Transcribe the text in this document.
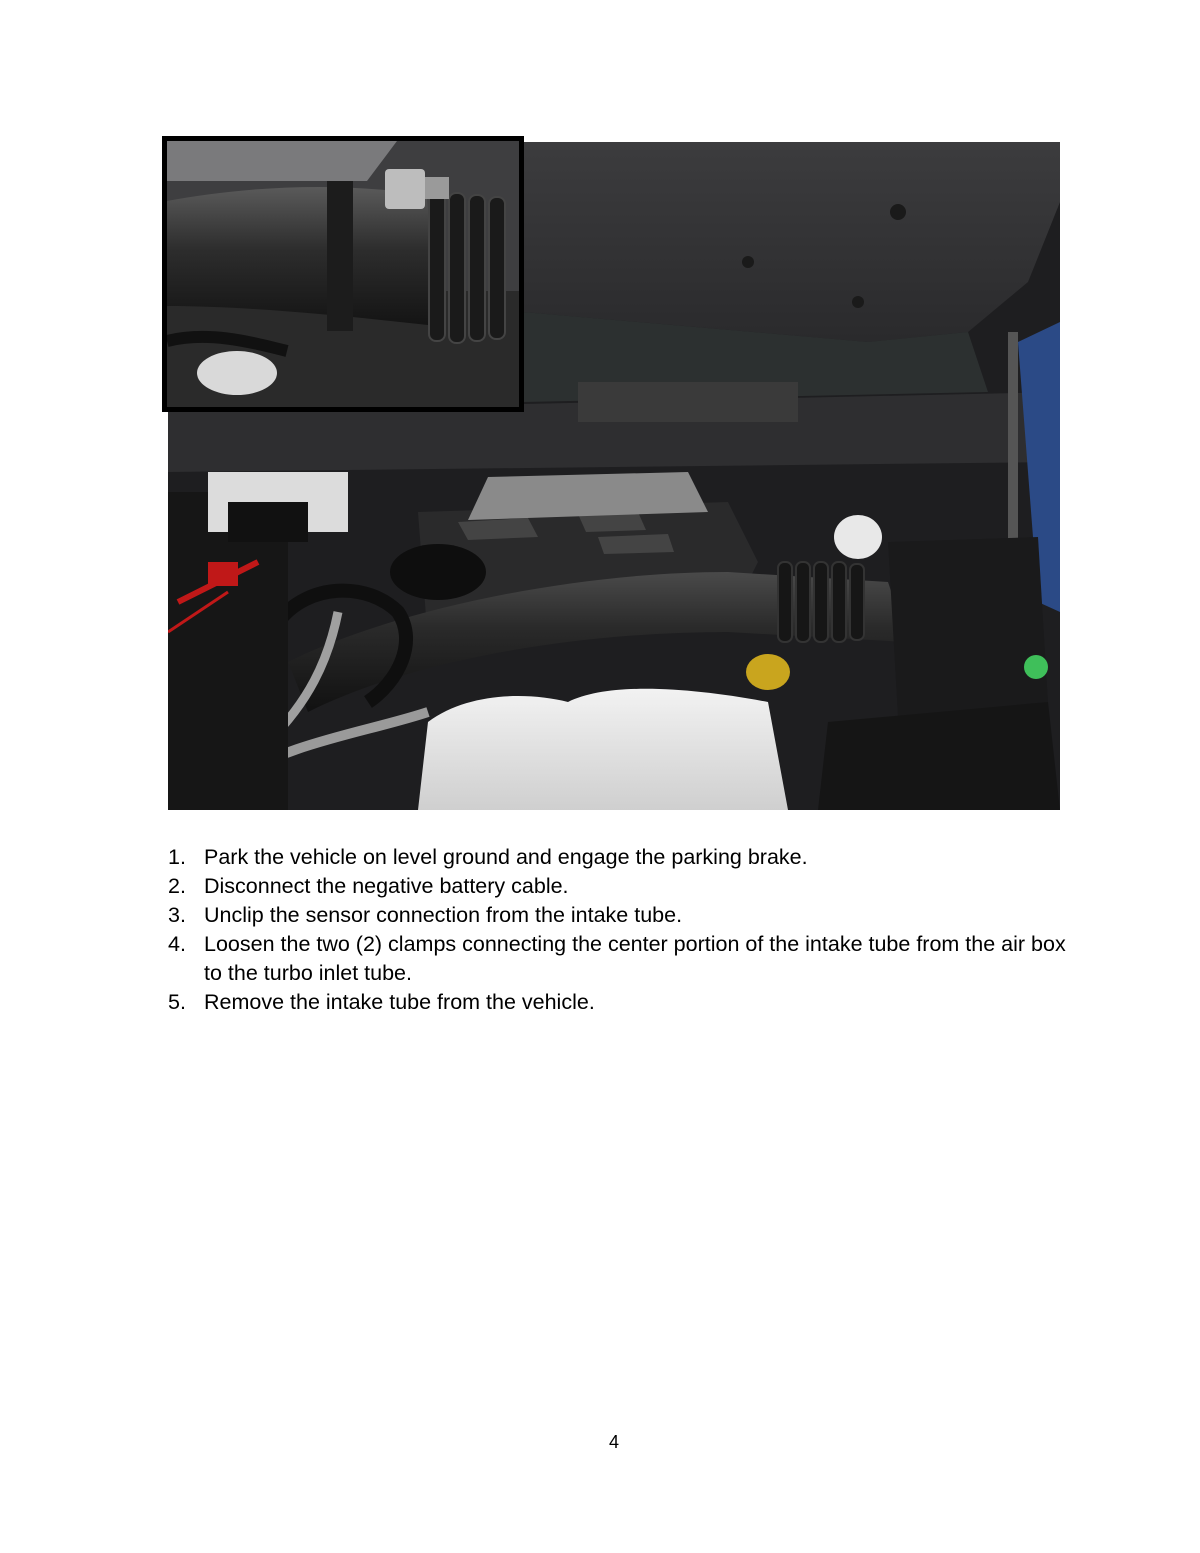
1. Park the vehicle on level ground and engage the parking brake.
2. Disconnect the negative battery cable.
3. Unclip the sensor connection from the intake tube.
4. Loosen the two (2) clamps connecting the center portion of the intake tube from the air box to the turbo inlet tube.
5. Remove the intake tube from the vehicle.
4
